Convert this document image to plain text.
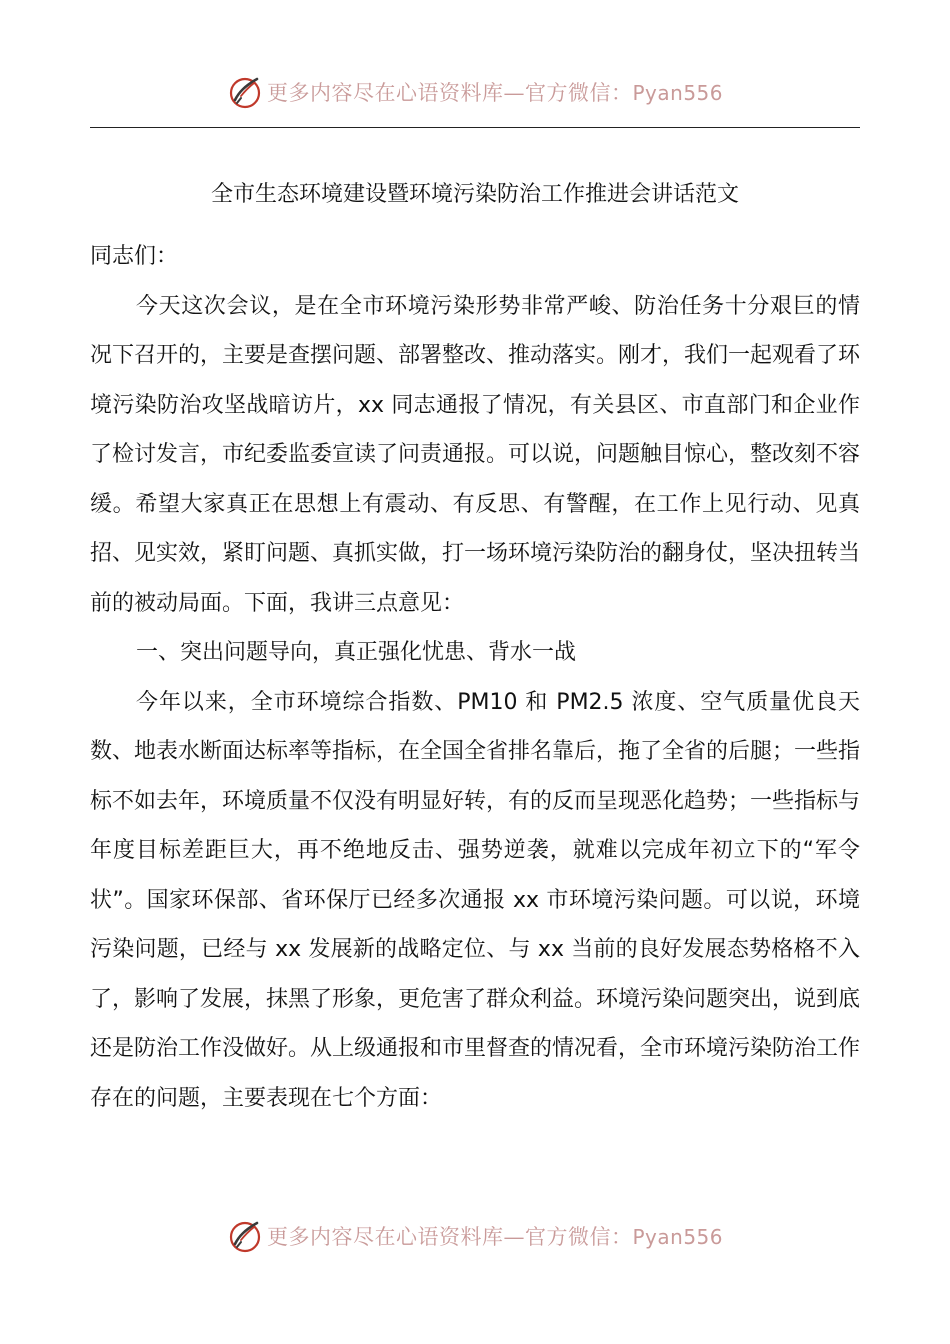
更多内容尽在心语资料库—官方微信：Pyan556
全市生态环境建设暨环境污染防治工作推进会讲话范文

同志们：

今天这次会议，是在全市环境污染形势非常严峻、防治任务十分艰巨的情况下召开的，主要是查摆问题、部署整改、推动落实。刚才，我们一起观看了环境污染防治攻坚战暗访片，xx 同志通报了情况，有关县区、市直部门和企业作了检讨发言，市纪委监委宣读了问责通报。可以说，问题触目惊心，整改刻不容缓。希望大家真正在思想上有震动、有反思、有警醒，在工作上见行动、见真招、见实效，紧盯问题、真抓实做，打一场环境污染防治的翻身仗，坚决扭转当前的被动局面。下面，我讲三点意见：

一、突出问题导向，真正强化忧患、背水一战

今年以来，全市环境综合指数、PM10 和 PM2.5 浓度、空气质量优良天数、地表水断面达标率等指标，在全国全省排名靠后，拖了全省的后腿；一些指标不如去年，环境质量不仅没有明显好转，有的反而呈现恶化趋势；一些指标与年度目标差距巨大，再不绝地反击、强势逆袭，就难以完成年初立下的“军令状”。国家环保部、省环保厅已经多次通报 xx 市环境污染问题。可以说，环境污染问题，已经与 xx 发展新的战略定位、与 xx 当前的良好发展态势格格不入了，影响了发展，抹黑了形象，更危害了群众利益。环境污染问题突出，说到底还是防治工作没做好。从上级通报和市里督查的情况看，全市环境污染防治工作存在的问题，主要表现在七个方面：

更多内容尽在心语资料库—官方微信：Pyan556
